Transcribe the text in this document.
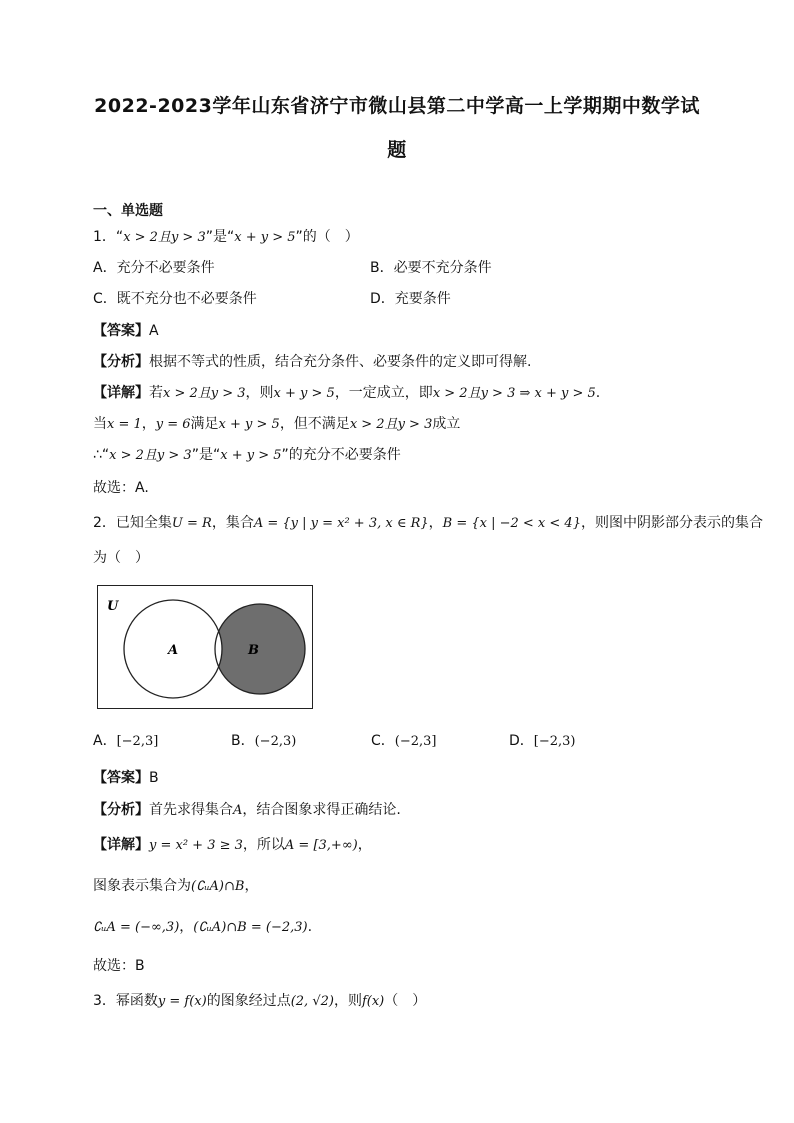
2022-2023学年山东省济宁市微山县第二中学高一上学期期中数学试
题
一、单选题
1．“x > 2且y > 3”是“x + y > 5”的（　）
A．充分不必要条件	B．必要不充分条件
C．既不充分也不必要条件	D．充要条件
【答案】A
【分析】根据不等式的性质，结合充分条件、必要条件的定义即可得解.
【详解】若x > 2且y > 3，则x + y > 5，一定成立，即x > 2且y > 3 ⇒ x + y > 5.
当x = 1，y = 6满足x + y > 5，但不满足x > 2且y > 3成立
∴“x > 2且y > 3”是“x + y > 5”的充分不必要条件
故选：A.
2．已知全集U = R，集合A = {y | y = x² + 3, x ∈ R}，B = {x | −2 < x < 4}，则图中阴影部分表示的集合
为（　）
U
A	B
A．[−2,3]	B．(−2,3)	C．(−2,3]	D．[−2,3)
【答案】B
【分析】首先求得集合A，结合图象求得正确结论.
【详解】y = x² + 3 ≥ 3，所以A = [3,+∞)，
图象表示集合为(∁ᵤA)∩B，
∁ᵤA = (−∞,3)，(∁ᵤA)∩B = (−2,3).
故选：B
3．幂函数y = f(x)的图象经过点(2, √2)，则f(x)（　）
